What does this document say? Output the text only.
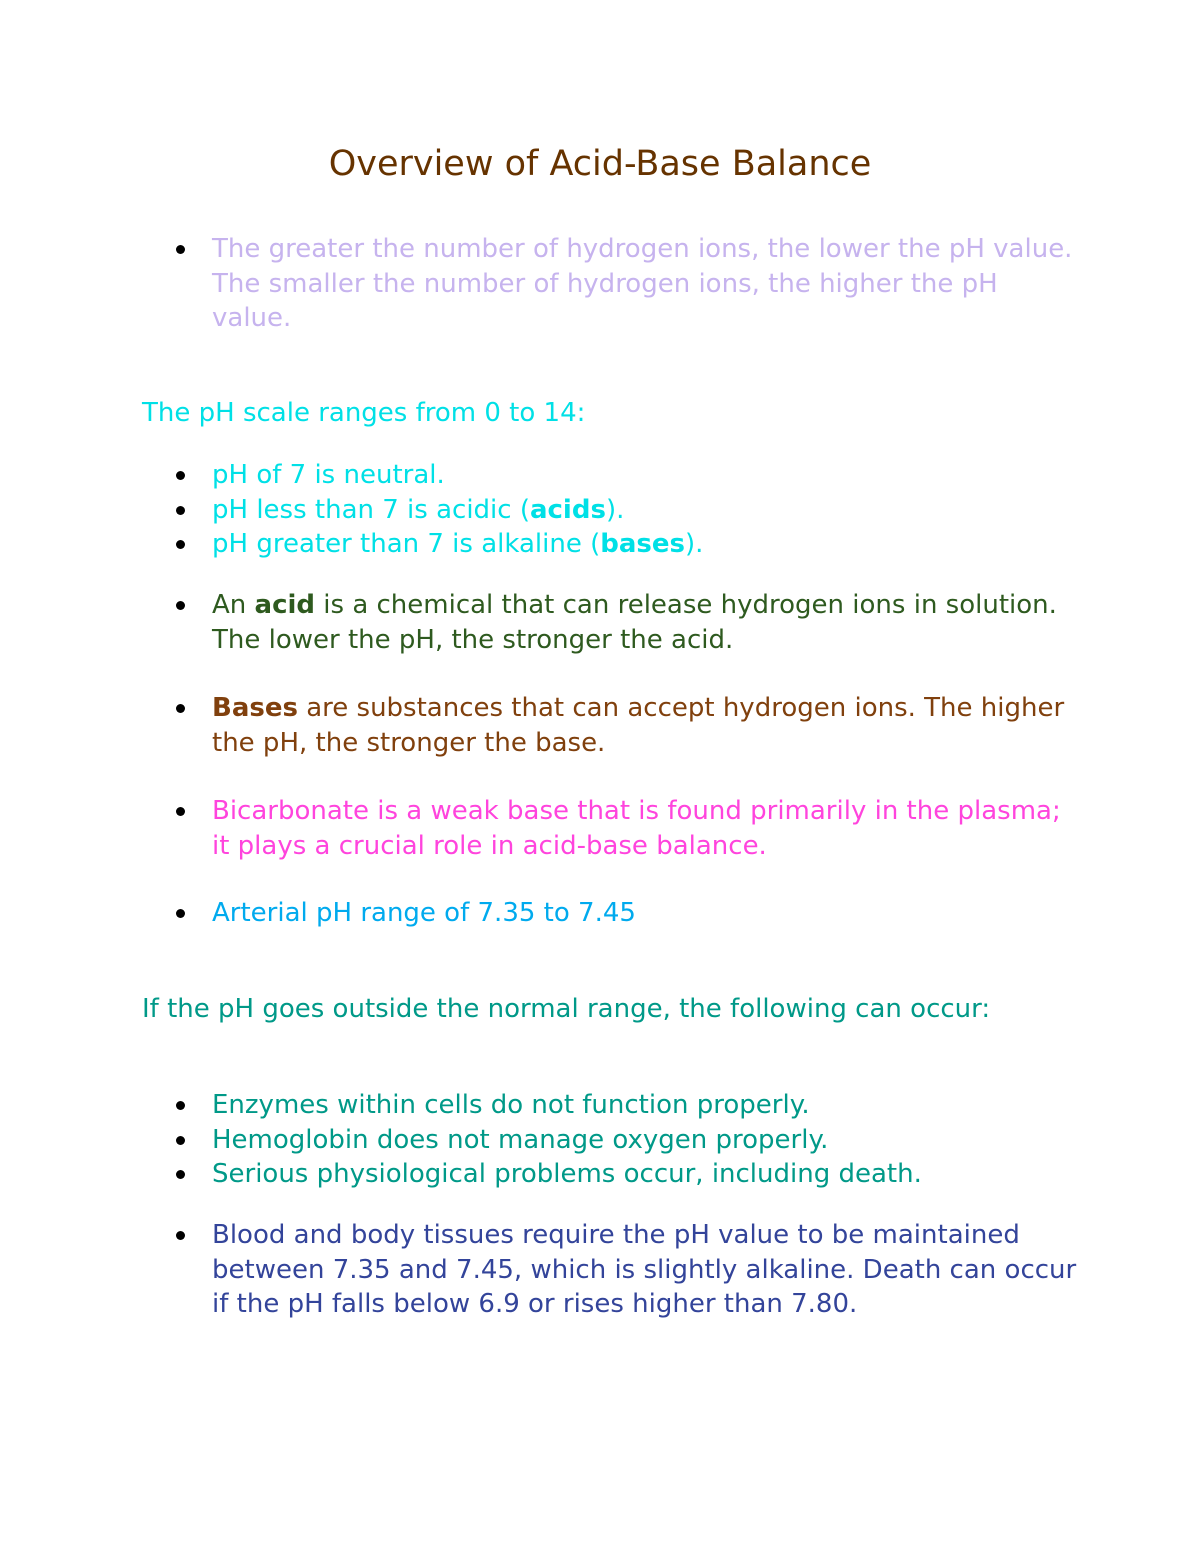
Overview of Acid-Base Balance
The greater the number of hydrogen ions, the lower the pH value. The smaller the number of hydrogen ions, the higher the pH value.

The pH scale ranges from 0 to 14:

pH of 7 is neutral.
pH less than 7 is acidic (acids).
pH greater than 7 is alkaline (bases).
An acid is a chemical that can release hydrogen ions in solution. The lower the pH, the stronger the acid.
Bases are substances that can accept hydrogen ions. The higher the pH, the stronger the base.
Bicarbonate is a weak base that is found primarily in the plasma; it plays a crucial role in acid-base balance.
Arterial pH range of 7.35 to 7.45

If the pH goes outside the normal range, the following can occur:

Enzymes within cells do not function properly.
Hemoglobin does not manage oxygen properly.
Serious physiological problems occur, including death.
Blood and body tissues require the pH value to be maintained between 7.35 and 7.45, which is slightly alkaline. Death can occur if the pH falls below 6.9 or rises higher than 7.80.
